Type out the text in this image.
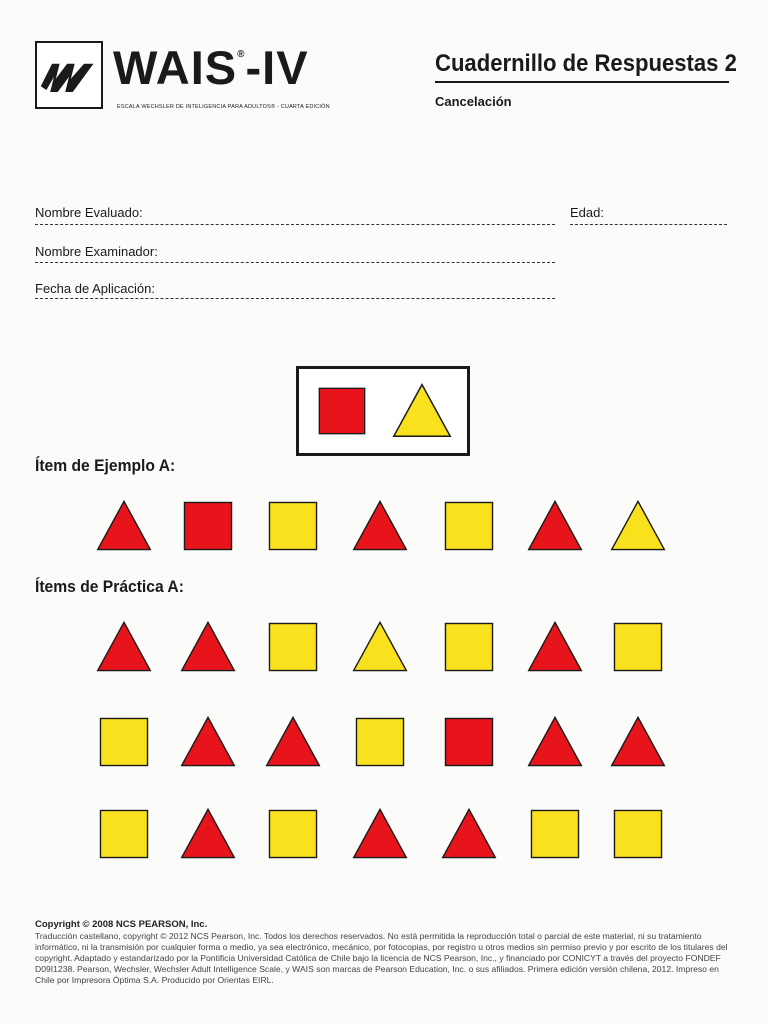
WAIS®-IV
ESCALA WECHSLER DE INTELIGENCIA PARA ADULTOS® - CUARTA EDICIÓN
Cuadernillo de Respuestas 2
Cancelación
Nombre Evaluado:	Edad:
Nombre Examinador:
Fecha de Aplicación:
Ítem de Ejemplo A:
Ítems de Práctica A:
Copyright © 2008 NCS PEARSON, Inc.
Traducción castellano, copyright © 2012 NCS Pearson, Inc. Todos los derechos reservados. No está permitida la reproducción total o parcial de este material, ni su tratamiento informático, ni la transmisión por cualquier forma o medio, ya sea electrónico, mecánico, por fotocopias, por registro u otros medios sin permiso previo y por escrito de los titulares del copyright. Adaptado y estandarizado por la Pontificia Universidad Católica de Chile bajo la licencia de NCS Pearson, Inc., y financiado por CONICYT a través del proyecto FONDEF D09I1238. Pearson, Wechsler, Wechsler Adult Intelligence Scale, y WAIS son marcas de Pearson Education, Inc. o sus afiliados. Primera edición versión chilena, 2012. Impreso en Chile por Impresora Óptima S.A. Producido por Orientas EIRL.
